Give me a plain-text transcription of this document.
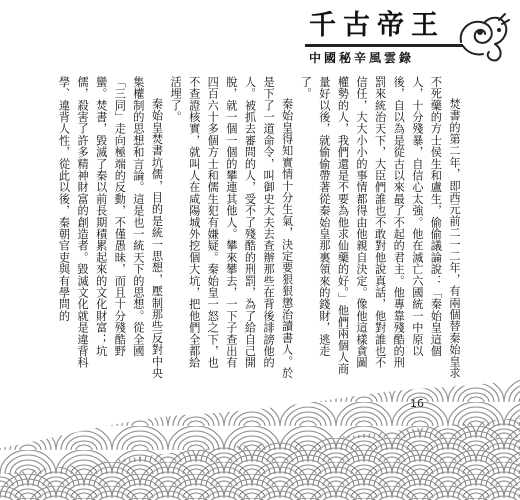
千古帝王
中國秘辛風雲錄

焚書的第二年，即西元前二一二年，有兩個替秦始皇求不死藥的方士侯生和盧生，偷偷議論說：「秦始皇這個人，十分殘暴，自信心太強。他在滅亡六國統一中原以後，自以為是從古以來最了不起的君主。他專靠殘酷的刑罰來統治天下，大臣們誰也不敢對他說真話，他對誰也不信任，大大小小的事情都得由他親自決定。像他這樣貪圖權勢的人，我們還是不要為他求仙藥的好。」他們兩個人商量好以後，就偷偷帶著從秦始皇那裏領來的錢財，逃走了。

秦始皇得知實情十分生氣，決定要狠狠懲治讀書人。於是下了一道命令，叫御史大夫去查辦那些在背後誹謗他的人。被抓去審問的人，受不了殘酷的刑罰，為了給自己開脫，就一個一個的攀連其他人。攀來攀去，一下子查出有四百六十多個方士和儒生犯有嫌疑。秦始皇一怒之下，也不查證核實，就叫人在咸陽城外挖個大坑，把他們全都給活埋了。

秦始皇焚書坑儒，目的是統一思想，壓制那些反對中央集權制的思想和言論。這是也一統天下的思想。從全國「三同」走向極端的反動，不僅愚昧，而且十分殘酷野蠻。焚書，毀滅了秦以前長期積累起來的文化財富；坑儒，殺害了許多精神財富的創造者。毀滅文化就是違背科學、違背人性，從此以後，秦朝官吏與有學問的
